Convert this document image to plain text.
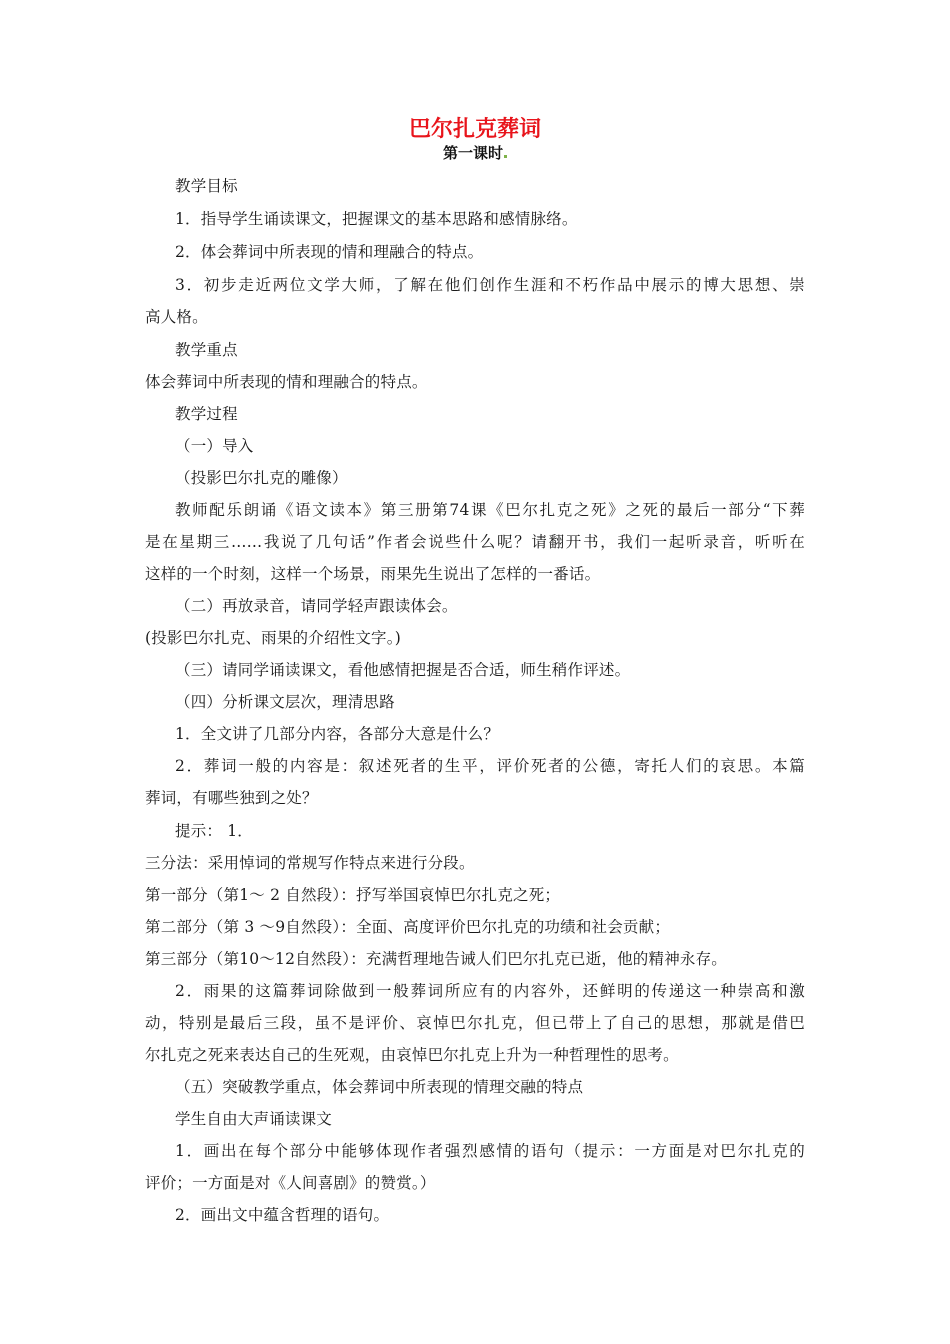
巴尔扎克葬词
第一课时
教学目标
1．指导学生诵读课文，把握课文的基本思路和感情脉络。
2．体会葬词中所表现的情和理融合的特点。
3．初步走近两位文学大师，了解在他们创作生涯和不朽作品中展示的博大思想、崇
高人格。
教学重点
体会葬词中所表现的情和理融合的特点。
教学过程
（一）导入
（投影巴尔扎克的雕像）
教师配乐朗诵《语文读本》第三册第74课《巴尔扎克之死》之死的最后一部分“下葬
是在星期三……我说了几句话”作者会说些什么呢？请翻开书，我们一起听录音，听听在
这样的一个时刻，这样一个场景，雨果先生说出了怎样的一番话。
（二）再放录音，请同学轻声跟读体会。
(投影巴尔扎克、雨果的介绍性文字。)
（三）请同学诵读课文，看他感情把握是否合适，师生稍作评述。
（四）分析课文层次，理清思路
1．全文讲了几部分内容，各部分大意是什么？
2．葬词一般的内容是：叙述死者的生平，评价死者的公德，寄托人们的哀思。本篇
葬词，有哪些独到之处？
提示： 1．
三分法：采用悼词的常规写作特点来进行分段。
第一部分（第1～ 2 自然段）：抒写举国哀悼巴尔扎克之死；
第二部分（第 3 ～9自然段）：全面、高度评价巴尔扎克的功绩和社会贡献；
第三部分（第10～12自然段）：充满哲理地告诫人们巴尔扎克已逝，他的精神永存。
2．雨果的这篇葬词除做到一般葬词所应有的内容外，还鲜明的传递这一种崇高和激
动，特别是最后三段，虽不是评价、哀悼巴尔扎克，但已带上了自己的思想，那就是借巴
尔扎克之死来表达自己的生死观，由哀悼巴尔扎克上升为一种哲理性的思考。
（五）突破教学重点，体会葬词中所表现的情理交融的特点
学生自由大声诵读课文
1．画出在每个部分中能够体现作者强烈感情的语句（提示：一方面是对巴尔扎克的
评价；一方面是对《人间喜剧》的赞赏。）
2．画出文中蕴含哲理的语句。
